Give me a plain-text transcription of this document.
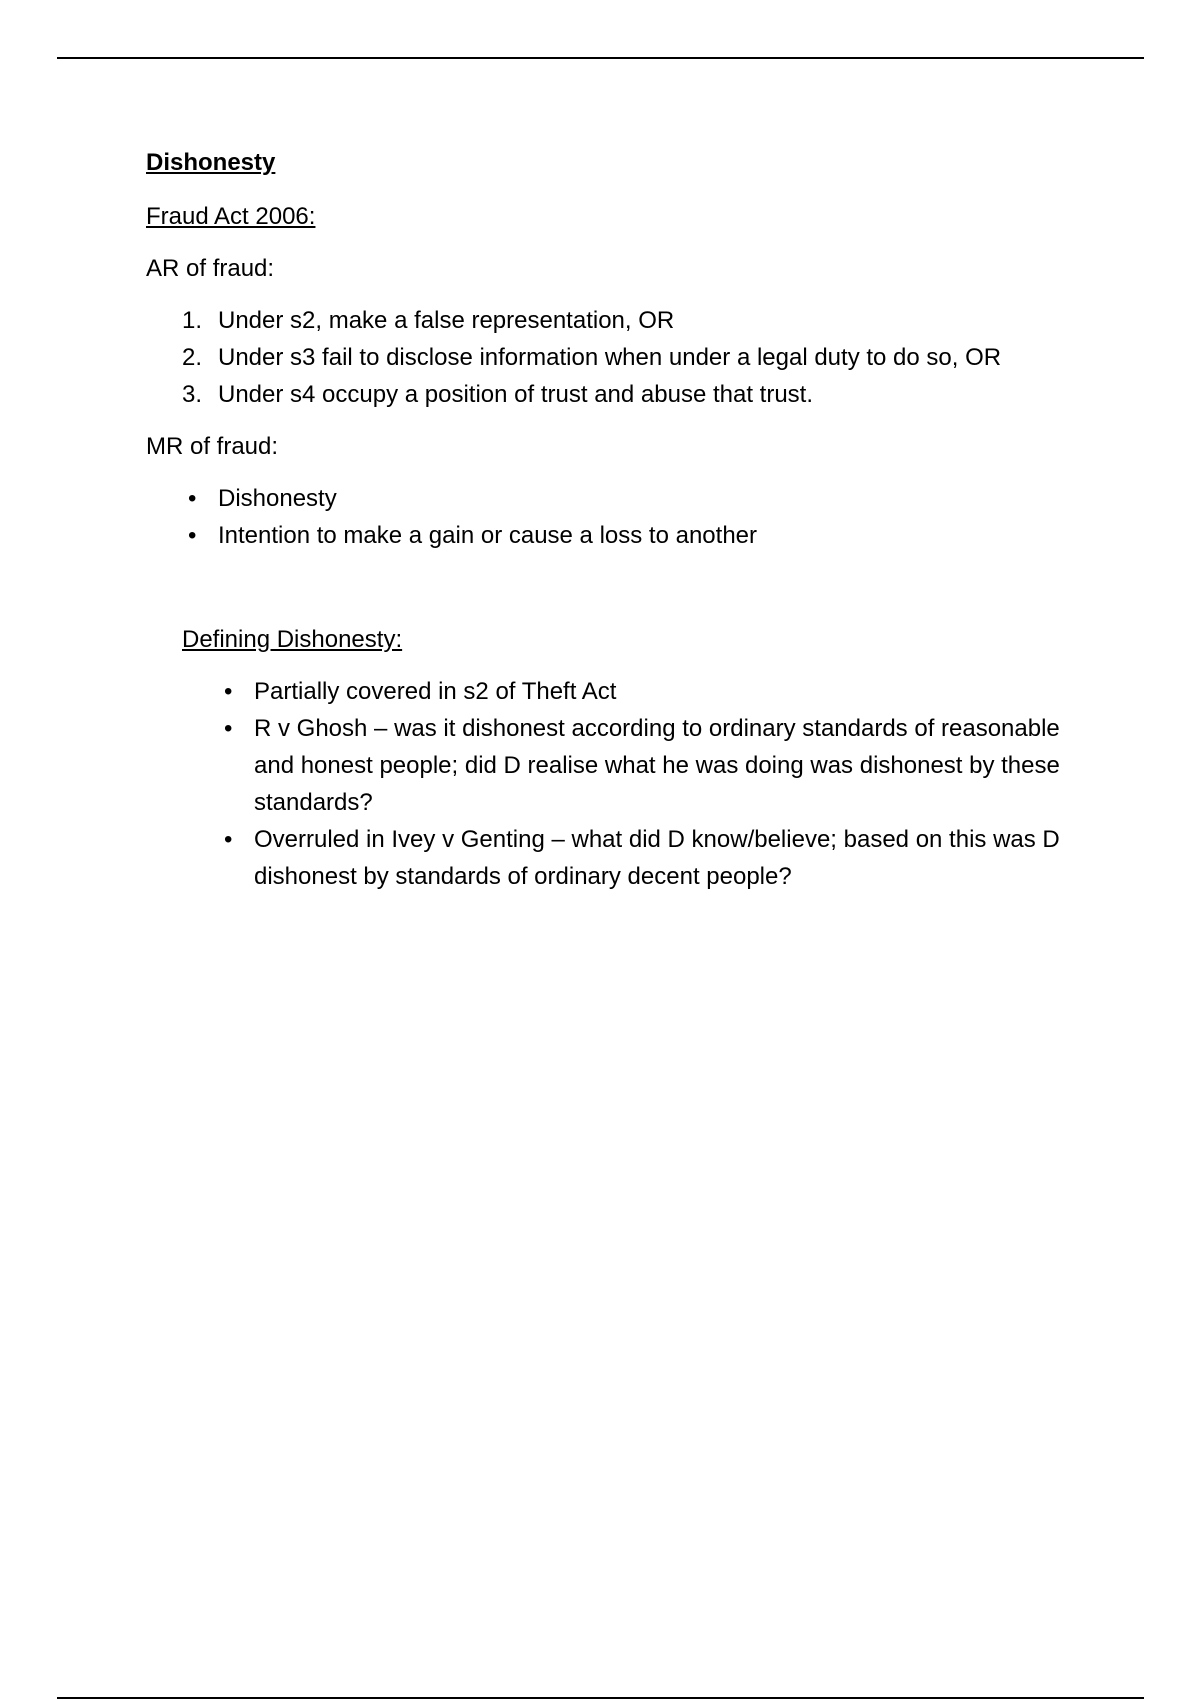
Dishonesty
Fraud Act 2006:
AR of fraud:
1. Under s2, make a false representation, OR
2. Under s3 fail to disclose information when under a legal duty to do so, OR
3. Under s4 occupy a position of trust and abuse that trust.
MR of fraud:
• Dishonesty
• Intention to make a gain or cause a loss to another
Defining Dishonesty:
• Partially covered in s2 of Theft Act
• R v Ghosh – was it dishonest according to ordinary standards of reasonable and honest people; did D realise what he was doing was dishonest by these standards?
• Overruled in Ivey v Genting – what did D know/believe; based on this was D dishonest by standards of ordinary decent people?
